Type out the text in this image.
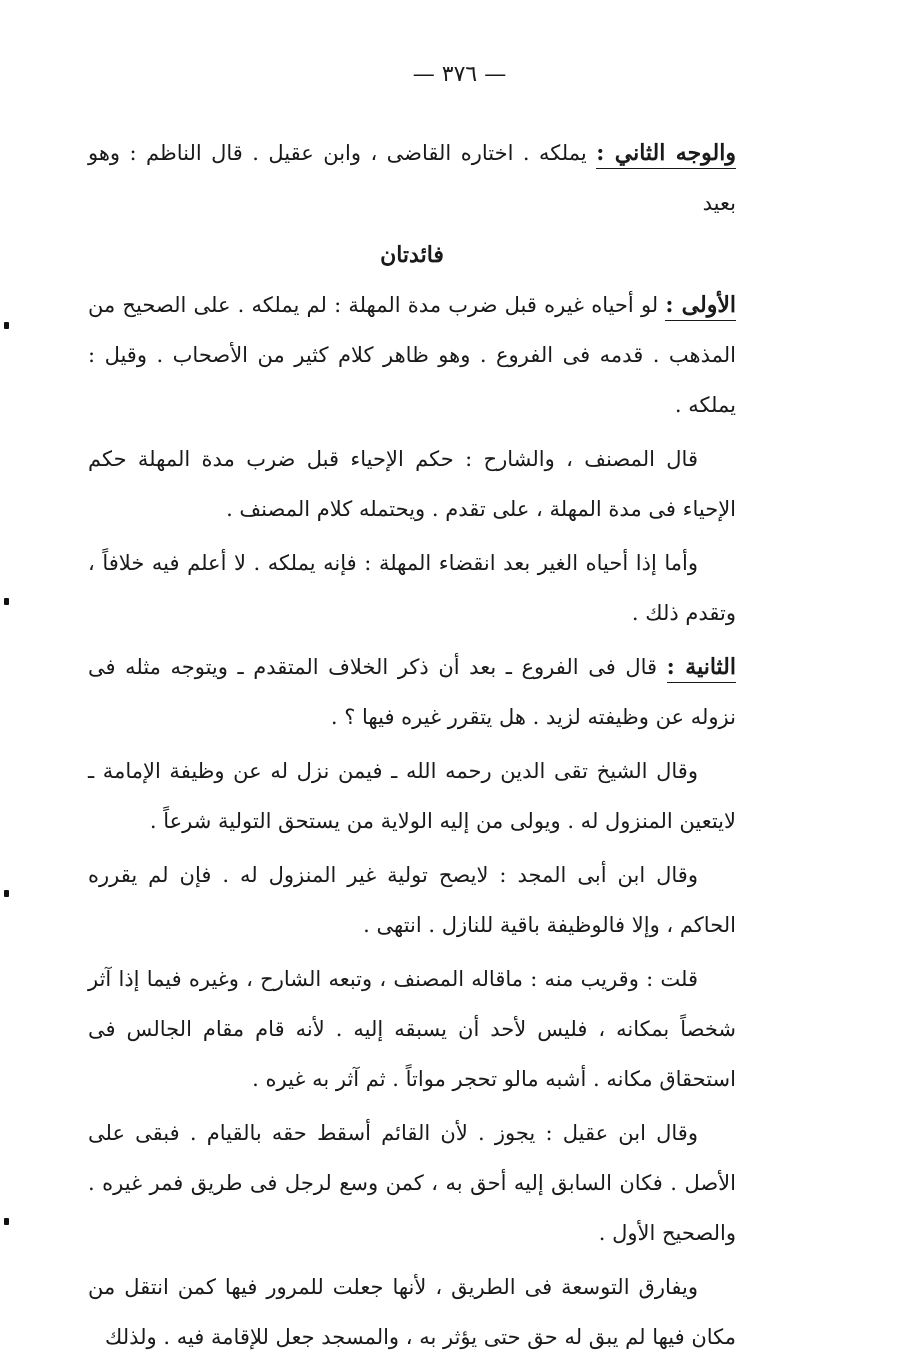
— ٣٧٦ —

والوجه الثاني : يملكه . اختاره القاضى ، وابن عقيل . قال الناظم : وهو بعيد

فائدتان

الأولى : لو أحياه غيره قبل ضرب مدة المهلة : لم يملكه . على الصحيح من المذهب . قدمه فى الفروع . وهو ظاهر كلام كثير من الأصحاب . وقيل : يملكه .

قال المصنف ، والشارح : حكم الإحياء قبل ضرب مدة المهلة حكم الإحياء فى مدة المهلة ، على تقدم . ويحتمله كلام المصنف .

وأما إذا أحياه الغير بعد انقضاء المهلة : فإنه يملكه . لا أعلم فيه خلافاً ، وتقدم ذلك .

الثانية : قال فى الفروع ـ بعد أن ذكر الخلاف المتقدم ـ ويتوجه مثله فى نزوله عن وظيفته لزيد . هل يتقرر غيره فيها ؟ .

وقال الشيخ تقى الدين رحمه الله ـ فيمن نزل له عن وظيفة الإمامة ـ لايتعين المنزول له . ويولى من إليه الولاية من يستحق التولية شرعاً .

وقال ابن أبى المجد : لايصح تولية غير المنزول له . فإن لم يقرره الحاكم ، وإلا فالوظيفة باقية للنازل . انتهى .

قلت : وقريب منه : ماقاله المصنف ، وتبعه الشارح ، وغيره فيما إذا آثر شخصاً بمكانه ، فليس لأحد أن يسبقه إليه . لأنه قام مقام الجالس فى استحقاق مكانه . أشبه مالو تحجر مواتاً . ثم آثر به غيره .

وقال ابن عقيل : يجوز . لأن القائم أسقط حقه بالقيام . فبقى على الأصل . فكان السابق إليه أحق به ، كمن وسع لرجل فى طريق فمر غيره . والصحيح الأول .

ويفارق التوسعة فى الطريق ، لأنها جعلت للمرور فيها كمن انتقل من مكان فيها لم يبق له حق حتى يؤثر به ، والمسجد جعل للإقامة فيه . ولذلك
